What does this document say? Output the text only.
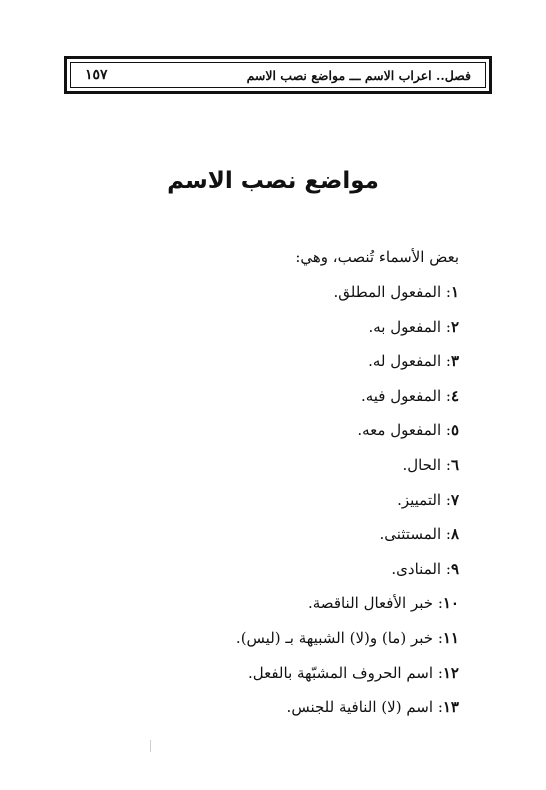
١٥٧	فصل.. اعراب الاسم ـــ مواضع نصب الاسم
مواضع نصب الاسم
بعض الأسماء تُنصب، وهي:
١: المفعول المطلق.
٢: المفعول به.
٣: المفعول له.
٤: المفعول فيه.
٥: المفعول معه.
٦: الحال.
٧: التمييز.
٨: المستثنى.
٩: المنادى.
١٠: خبر الأفعال الناقصة.
١١: خبر (ما) و(لا) الشبيهة بـ (ليس).
١٢: اسم الحروف المشبّهة بالفعل.
١٣: اسم (لا) النافية للجنس.
